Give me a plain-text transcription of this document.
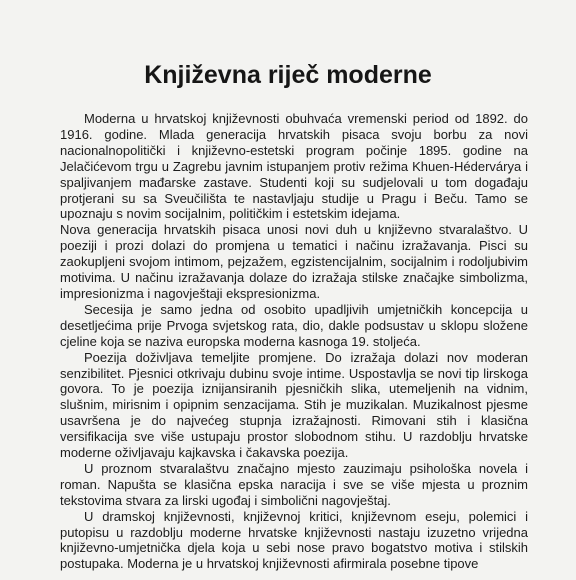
Književna riječ moderne

Moderna u hrvatskoj književnosti obuhvaća vremenski period od 1892. do 1916. godine. Mlada generacija hrvatskih pisaca svoju borbu za novi nacionalnopolitički i književno-estetski program počinje 1895. godine na Jelačićevom trgu u Zagrebu javnim istupanjem protiv režima Khuen-Hédervárya i spaljivanjem mađarske zastave. Studenti koji su sudjelovali u tom događaju protjerani su sa Sveučilišta te nastavljaju studije u Pragu i Beču. Tamo se upoznaju s novim socijalnim, političkim i estetskim idejama.

Nova generacija hrvatskih pisaca unosi novi duh u književno stvaralaštvo. U poeziji i prozi dolazi do promjena u tematici i načinu izražavanja. Pisci su zaokupljeni svojom intimom, pejzažem, egzistencijalnim, socijalnim i rodoljubivim motivima. U načinu izražavanja dolaze do izražaja stilske značajke simbolizma, impresionizma i nagovještaji ekspresionizma.

Secesija je samo jedna od osobito upadljivih umjetničkih koncepcija u desetljećima prije Prvoga svjetskog rata, dio, dakle podsustav u sklopu složene cjeline koja se naziva europska moderna kasnoga 19. stoljeća.

Poezija doživljava temeljite promjene. Do izražaja dolazi nov moderan senzibilitet. Pjesnici otkrivaju dubinu svoje intime. Uspostavlja se novi tip lirskoga govora. To je poezija iznijansiranih pjesničkih slika, utemeljenih na vidnim, slušnim, mirisnim i opipnim senzacijama. Stih je muzikalan. Muzikalnost pjesme usavršena je do najvećeg stupnja izražajnosti. Rimovani stih i klasična versifikacija sve više ustupaju prostor slobodnom stihu. U razdoblju hrvatske moderne oživljavaju kajkavska i čakavska poezija.

U proznom stvaralaštvu značajno mjesto zauzimaju psihološka novela i roman. Napušta se klasična epska naracija i sve se više mjesta u proznim tekstovima stvara za lirski ugođaj i simbolični nagovještaj.

U dramskoj književnosti, književnoj kritici, književnom eseju, polemici i putopisu u razdoblju moderne hrvatske književnosti nastaju izuzetno vrijedna književno-umjetnička djela koja u sebi nose pravo bogatstvo motiva i stilskih postupaka. Moderna je u hrvatskoj književnosti afirmirala posebne tipove
